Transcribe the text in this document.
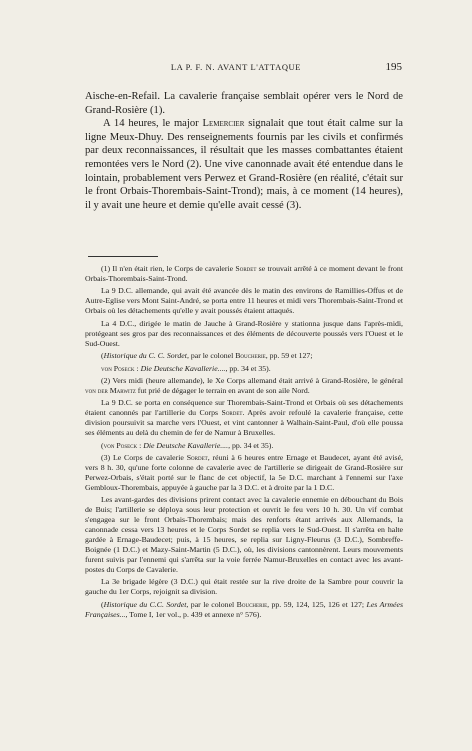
LA P. F. N. AVANT L'ATTAQUE	195

Aische-en-Refail. La cavalerie française semblait opérer vers le Nord de Grand-Rosière (1).

A 14 heures, le major Lemercier signalait que tout était calme sur la ligne Meux-Dhuy. Des renseignements fournis par les civils et confirmés par deux reconnaissances, il résultait que les masses combattantes étaient remontées vers le Nord (2). Une vive canonnade avait été entendue dans le lointain, probablement vers Perwez et Grand-Rosière (en réalité, c'était sur le front Orbais-Thorembais-Saint-Trond); mais, à ce moment (14 heures), il y avait une heure et demie qu'elle avait cessé (3).

(1) Il n'en était rien, le Corps de cavalerie Sordet se trouvait arrêté à ce moment devant le front Orbais-Thorembais-Saint-Trond.

La 9 D.C. allemande, qui avait été avancée dès le matin des environs de Ramillies-Offus et de Autre-Eglise vers Mont Saint-André, se porta entre 11 heures et midi vers Thorembais-Saint-Trond et Orbais où les détachements qu'elle y avait poussés étaient attaqués.

La 4 D.C., dirigée le matin de Jauche à Grand-Rosière y stationna jusque dans l'après-midi, protégeant ses gros par des reconnaissances et des éléments de découverte poussés vers l'Ouest et le Sud-Ouest.

(Historique du C. C. Sordet, par le colonel Boucherie, pp. 59 et 127;

von Poseck : Die Deutsche Kavallerie...., pp. 34 et 35).

(2) Vers midi (heure allemande), le Xe Corps allemand était arrivé à Grand-Rosière, le général von der Marwitz fut prié de dégager le terrain en avant de son aile Nord.

La 9 D.C. se porta en conséquence sur Thorembais-Saint-Trond et Orbais où ses détachements étaient canonnés par l'artillerie du Corps Sordet. Après avoir refoulé la cavalerie française, cette division poursuivit sa marche vers l'Ouest, et vint cantonner à Walhain-Saint-Paul, d'où elle poussa ses éléments au delà du chemin de fer de Namur à Bruxelles.

(von Poseck : Die Deutsche Kavallerie...., pp. 34 et 35).

(3) Le Corps de cavalerie Sordet, réuni à 6 heures entre Ernage et Baudecet, ayant été avisé, vers 8 h. 30, qu'une forte colonne de cavalerie avec de l'artillerie se dirigeait de Grand-Rosière sur Perwez-Orbais, s'était porté sur le flanc de cet objectif, la 5e D.C. marchant à l'ennemi sur l'axe Gembloux-Thorembais, appuyée à gauche par la 3 D.C. et à droite par la 1 D.C.

Les avant-gardes des divisions prirent contact avec la cavalerie ennemie en débouchant du Bois de Buis; l'artillerie se déploya sous leur protection et ouvrit le feu vers 10 h. 30. Un vif combat s'engagea sur le front Orbais-Thorembais; mais des renforts étant arrivés aux Allemands, la canonnade cessa vers 13 heures et le Corps Sordet se replia vers le Sud-Ouest. Il s'arrêta en halte gardée à Ernage-Baudecet; puis, à 15 heures, se replia sur Ligny-Fleurus (3 D.C.), Sombreffe-Boignée (1 D.C.) et Mazy-Saint-Martin (5 D.C.), où, les divisions cantonnèrent. Leurs mouvements furent suivis par l'ennemi qui s'arrêta sur la voie ferrée Namur-Bruxelles en contact avec les avant-postes du Corps de Cavalerie.

La 3e brigade légère (3 D.C.) qui était restée sur la rive droite de la Sambre pour couvrir la gauche du 1er Corps, rejoignit sa division.

(Historique du C.C. Sordet, par le colonel Boucherie, pp. 59, 124, 125, 126 et 127; Les Armées Françaises..., Tome I, 1er vol., p. 439 et annexe n° 576).
